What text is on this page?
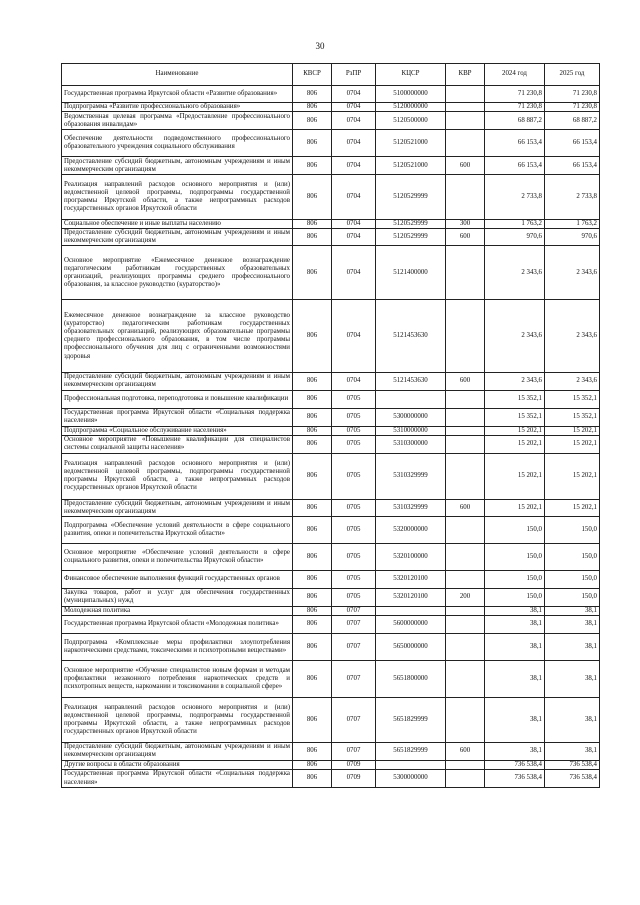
30
Наименование	КВСР	РзПР	КЦСР	КВР	2024 год	2025 год
Государственная программа Иркутской области «Развитие образования»	806	0704	5100000000		71 230,8	71 230,8
Подпрограмма «Развитие профессионального образования»	806	0704	5120000000		71 230,8	71 230,8
Ведомственная целевая программа «Предоставление профессионального образования инвалидам»	806	0704	5120500000		68 887,2	68 887,2
Обеспечение деятельности подведомственного профессионального образовательного учреждения социального обслуживания	806	0704	5120521000		66 153,4	66 153,4
Предоставление субсидий бюджетным, автономным учреждениям и иным некоммерческим организациям	806	0704	5120521000	600	66 153,4	66 153,4
Реализация направлений расходов основного мероприятия и (или) ведомственной целевой программы, подпрограммы государственной программы Иркутской области, а также непрограммных расходов государственных органов Иркутской области	806	0704	5120529999		2 733,8	2 733,8
Социальное обеспечение и иные выплаты населению	806	0704	5120529999	300	1 763,2	1 763,2
Предоставление субсидий бюджетным, автономным учреждениям и иным некоммерческим организациям	806	0704	5120529999	600	970,6	970,6
Основное мероприятие «Ежемесячное денежное вознаграждение педагогическим работникам государственных образовательных организаций, реализующих программы среднего профессионального образования, за классное руководство (кураторство)»	806	0704	5121400000		2 343,6	2 343,6
Ежемесячное денежное вознаграждение за классное руководство (кураторство) педагогическим работникам государственных образовательных организаций, реализующих образовательные программы среднего профессионального образования, в том числе программы профессионального обучения для лиц с ограниченными возможностями здоровья	806	0704	5121453630		2 343,6	2 343,6
Предоставление субсидий бюджетным, автономным учреждениям и иным некоммерческим организациям	806	0704	5121453630	600	2 343,6	2 343,6
Профессиональная подготовка, переподготовка и повышение квалификации	806	0705			15 352,1	15 352,1
Государственная программа Иркутской области «Социальная поддержка населения»	806	0705	5300000000		15 352,1	15 352,1
Подпрограмма «Социальное обслуживание населения»	806	0705	5310000000		15 202,1	15 202,1
Основное мероприятие «Повышение квалификации для специалистов системы социальной защиты населения»	806	0705	5310300000		15 202,1	15 202,1
Реализация направлений расходов основного мероприятия и (или) ведомственной целевой программы, подпрограммы государственной программы Иркутской области, а также непрограммных расходов государственных органов Иркутской области	806	0705	5310329999		15 202,1	15 202,1
Предоставление субсидий бюджетным, автономным учреждениям и иным некоммерческим организациям	806	0705	5310329999	600	15 202,1	15 202,1
Подпрограмма «Обеспечение условий деятельности в сфере социального развития, опеки и попечительства Иркутской области»	806	0705	5320000000		150,0	150,0
Основное мероприятие «Обеспечение условий деятельности в сфере социального развития, опеки и попечительства Иркутской области»	806	0705	5320100000		150,0	150,0
Финансовое обеспечение выполнения функций государственных органов	806	0705	5320120100		150,0	150,0
Закупка товаров, работ и услуг для обеспечения государственных (муниципальных) нужд	806	0705	5320120100	200	150,0	150,0
Молодежная политика	806	0707			38,1	38,1
Государственная программа Иркутской области «Молодежная политика»	806	0707	5600000000		38,1	38,1
Подпрограмма «Комплексные меры профилактики злоупотребления наркотическими средствами, токсическими и психотропными веществами»	806	0707	5650000000		38,1	38,1
Основное мероприятие «Обучение специалистов новым формам и методам профилактики незаконного потребления наркотических средств и психотропных веществ, наркомании и токсикомании в социальной сфере»	806	0707	5651800000		38,1	38,1
Реализация направлений расходов основного мероприятия и (или) ведомственной целевой программы, подпрограммы государственной программы Иркутской области, а также непрограммных расходов государственных органов Иркутской области	806	0707	5651829999		38,1	38,1
Предоставление субсидий бюджетным, автономным учреждениям и иным некоммерческим организациям	806	0707	5651829999	600	38,1	38,1
Другие вопросы в области образования	806	0709			736 538,4	736 538,4
Государственная программа Иркутской области «Социальная поддержка населения»	806	0709	5300000000		736 538,4	736 538,4
